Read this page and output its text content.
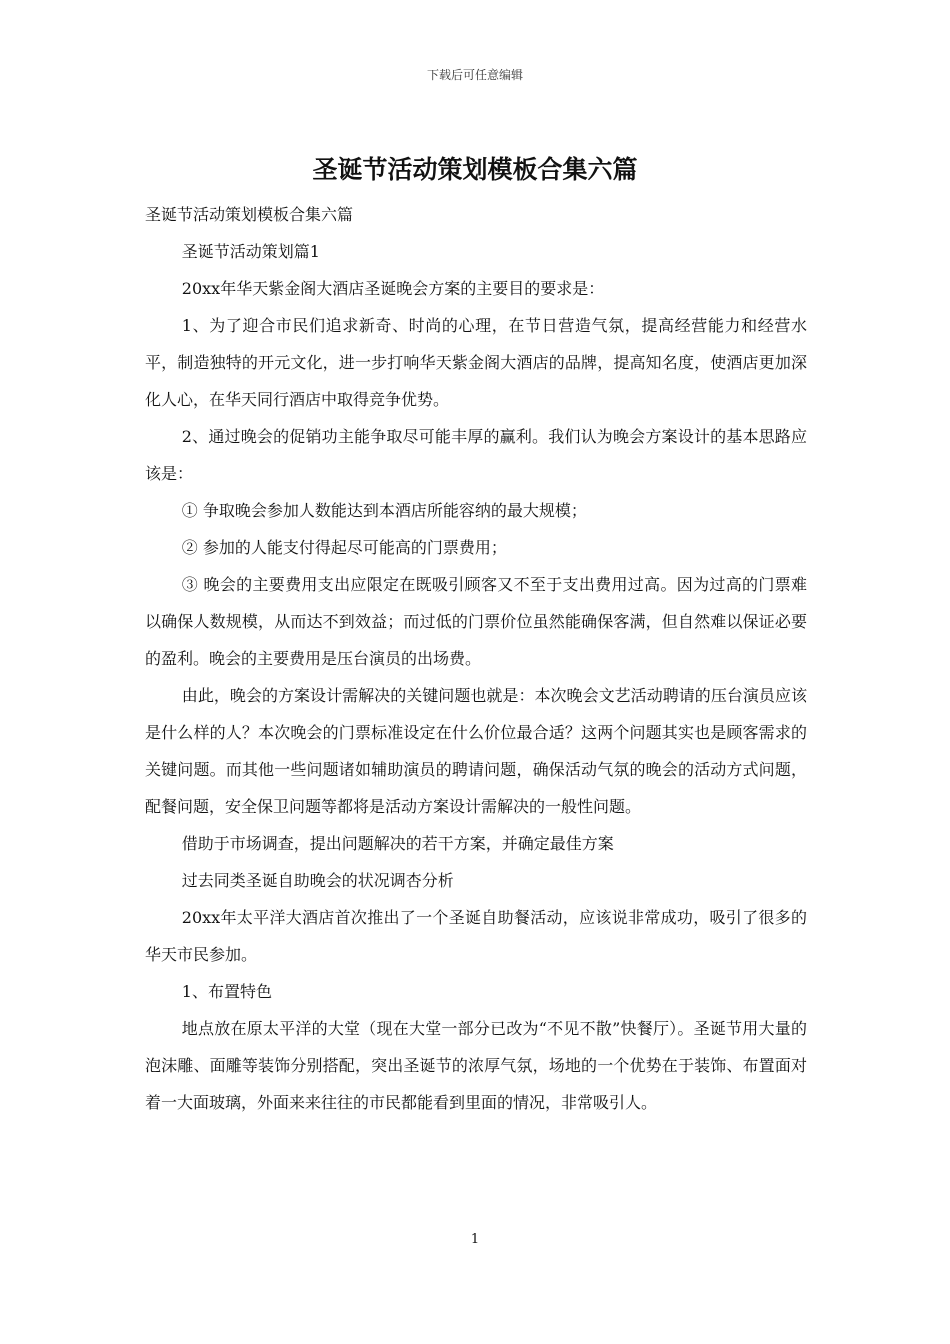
下载后可任意编辑
圣诞节活动策划模板合集六篇

圣诞节活动策划模板合集六篇

圣诞节活动策划篇1

20xx年华天紫金阁大酒店圣诞晚会方案的主要目的要求是：

1、为了迎合市民们追求新奇、时尚的心理，在节日营造气氛，提高经营能力和经营水平，制造独特的开元文化，进一步打响华天紫金阁大酒店的品牌，提高知名度，使酒店更加深化人心，在华天同行酒店中取得竞争优势。

2、通过晚会的促销功主能争取尽可能丰厚的赢利。我们认为晚会方案设计的基本思路应该是：

① 争取晚会参加人数能达到本酒店所能容纳的最大规模；

② 参加的人能支付得起尽可能高的门票费用；

③ 晚会的主要费用支出应限定在既吸引顾客又不至于支出费用过高。因为过高的门票难以确保人数规模，从而达不到效益；而过低的门票价位虽然能确保客满，但自然难以保证必要的盈利。晚会的主要费用是压台演员的出场费。

由此，晚会的方案设计需解决的关键问题也就是：本次晚会文艺活动聘请的压台演员应该是什么样的人？本次晚会的门票标准设定在什么价位最合适？这两个问题其实也是顾客需求的关键问题。而其他一些问题诸如辅助演员的聘请问题，确保活动气氛的晚会的活动方式问题，配餐问题，安全保卫问题等都将是活动方案设计需解决的一般性问题。

借助于市场调查，提出问题解决的若干方案，并确定最佳方案

过去同类圣诞自助晚会的状况调杏分析

20xx年太平洋大酒店首次推出了一个圣诞自助餐活动，应该说非常成功，吸引了很多的华天市民参加。

1、布置特色

地点放在原太平洋的大堂（现在大堂一部分已改为“不见不散”快餐厅）。圣诞节用大量的泡沫雕、面雕等装饰分别搭配，突出圣诞节的浓厚气氛，场地的一个优势在于装饰、布置面对着一大面玻璃，外面来来往往的市民都能看到里面的情况，非常吸引人。

1
